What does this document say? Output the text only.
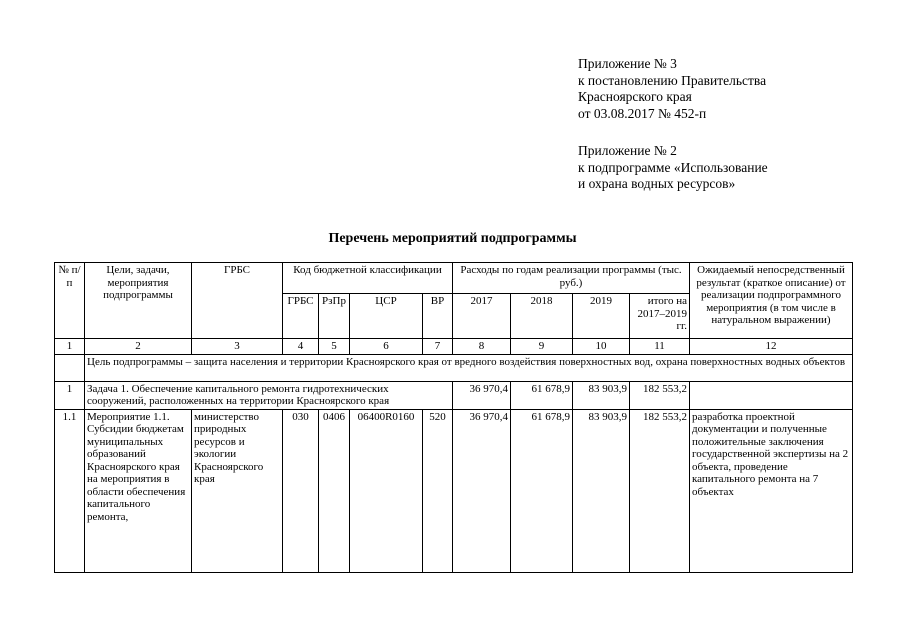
Приложение № 3
к постановлению Правительства
Красноярского края
от 03.08.2017 № 452-п
Приложение № 2
к подпрограмме «Использование
и охрана водных ресурсов»
Перечень мероприятий подпрограммы
№ п/п	Цели, задачи, мероприятия подпрограммы	ГРБС	Код бюджетной классификации				Расходы по годам реализации программы (тыс. руб.)				Ожидаемый непосредственный результат (краткое описание) от реализации подпрограммного мероприятия (в том числе в натуральном выражении)
			ГРБС	РзПр	ЦСР	ВР	2017	2018	2019	итого на 2017–2019 гг.	
1	2	3	4	5	6	7	8	9	10	11	12
	Цель подпрограммы – защита населения и территории Красноярского края от вредного воздействия поверхностных вод, охрана поверхностных водных объектов										
1	Задача 1. Обеспечение капитального ремонта гидротехнических сооружений, расположенных на территории Красноярского края						36 970,4	61 678,9	83 903,9	182 553,2	
1.1	Мероприятие 1.1. Субсидии бюджетам муниципальных образований Красноярского края на мероприятия в области обеспечения капитального ремонта,	министерство природных ресурсов и экологии Красноярского края	030	0406	06400R0160	520	36 970,4	61 678,9	83 903,9	182 553,2	разработка проектной документации и полученные положительные заключения государственной экспертизы на 2 объекта, проведение капитального ремонта на 7 объектах
